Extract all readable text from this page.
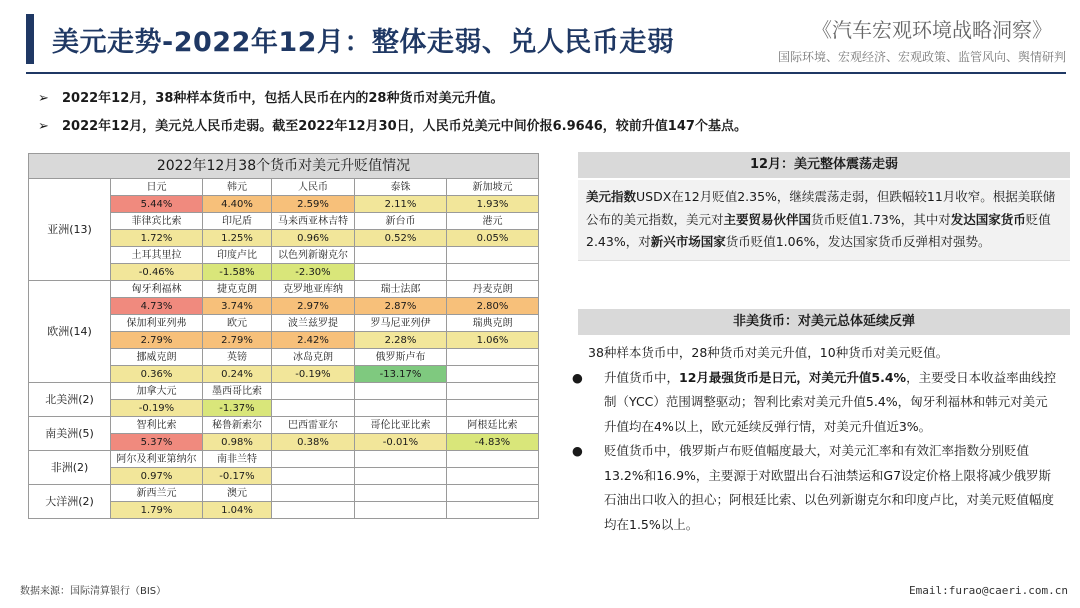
美元走势-2022年12月：整体走弱、兑人民币走弱	《汽车宏观环境战略洞察》
国际环境、宏观经济、宏观政策、监管风向、舆情研判
➢ 2022年12月，38种样本货币中，包括人民币在内的28种货币对美元升值。
➢ 2022年12月，美元兑人民币走弱。截至2022年12月30日，人民币兑美元中间价报6.9646，较前升值147个基点。
2022年12月38个货币对美元升贬值情况					
亚洲(13)	日元	韩元	人民币	泰铢	新加坡元
	5.44%	4.40%	2.59%	2.11%	1.93%
	菲律宾比索	印尼盾	马来西亚林吉特	新台币	港元
	1.72%	1.25%	0.96%	0.52%	0.05%
	土耳其里拉	印度卢比	以色列新谢克尔		
	-0.46%	-1.58%	-2.30%		
欧洲(14)	匈牙利福林	捷克克朗	克罗地亚库纳	瑞士法郎	丹麦克朗
	4.73%	3.74%	2.97%	2.87%	2.80%
	保加利亚列弗	欧元	波兰兹罗提	罗马尼亚列伊	瑞典克朗
	2.79%	2.79%	2.42%	2.28%	1.06%
	挪威克朗	英镑	冰岛克朗	俄罗斯卢布	
	0.36%	0.24%	-0.19%	-13.17%	
北美洲(2)	加拿大元	墨西哥比索			
	-0.19%	-1.37%			
南美洲(5)	智利比索	秘鲁新索尔	巴西雷亚尔	哥伦比亚比索	阿根廷比索
	5.37%	0.98%	0.38%	-0.01%	-4.83%
非洲(2)	阿尔及利亚第纳尔	南非兰特			
	0.97%	-0.17%			
大洋洲(2)	新西兰元	澳元			
	1.79%	1.04%			
12月：美元整体震荡走弱
美元指数USDX在12月贬值2.35%，继续震荡走弱，但跌幅较11月收窄。根据美联储公布的美元指数，美元对主要贸易伙伴国货币贬值1.73%，其中对发达国家货币贬值2.43%，对新兴市场国家货币贬值1.06%，发达国家货币反弹相对强势。
非美货币：对美元总体延续反弹
38种样本货币中，28种货币对美元升值，10种货币对美元贬值。
● 升值货币中，12月最强货币是日元，对美元升值5.4%，主要受日本收益率曲线控制（YCC）范围调整驱动；智利比索对美元升值5.4%，匈牙利福林和韩元对美元升值均在4%以上，欧元延续反弹行情，对美元升值近3%。
● 贬值货币中，俄罗斯卢布贬值幅度最大，对美元汇率和有效汇率指数分别贬值13.2%和16.9%，主要源于对欧盟出台石油禁运和G7设定价格上限将减少俄罗斯石油出口收入的担心；阿根廷比索、以色列新谢克尔和印度卢比，对美元贬值幅度均在1.5%以上。
数据来源：国际清算银行（BIS）	Email:furao@caeri.com.cn
